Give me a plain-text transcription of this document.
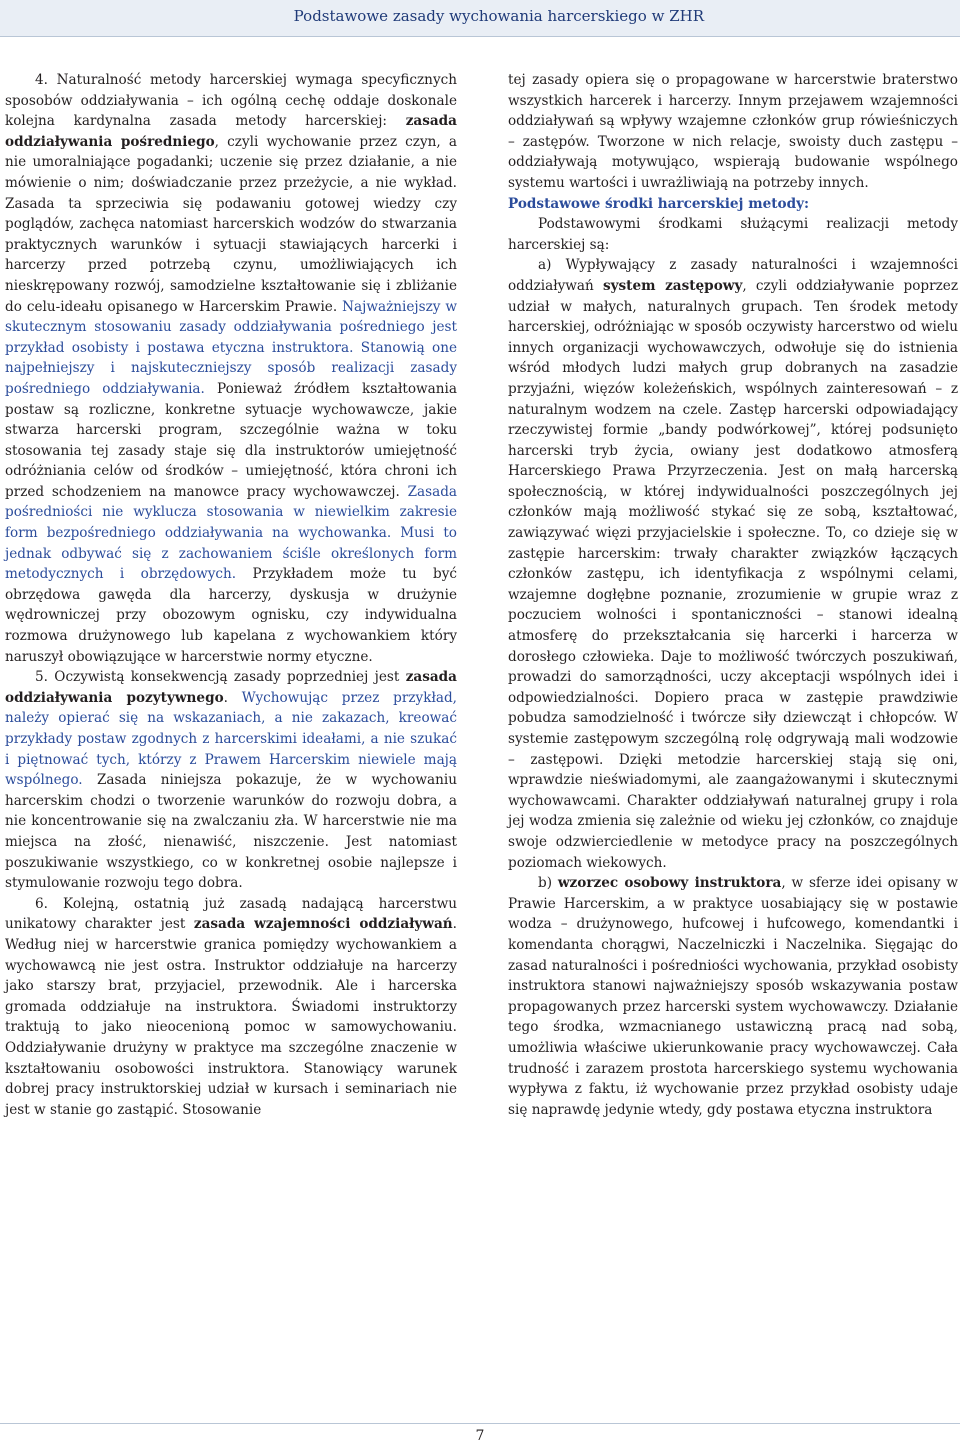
Podstawowe zasady wychowania harcerskiego w ZHR

4. Naturalność metody harcerskiej wymaga specyficznych sposobów oddziaływania – ich ogólną cechę oddaje doskonale kolejna kardynalna zasada metody harcerskiej: zasada oddziaływania pośredniego, czyli wychowanie przez czyn, a nie umoralniające pogadanki; uczenie się przez działanie, a nie mówienie o nim; doświadczanie przez przeżycie, a nie wykład. Zasada ta sprzeciwia się podawaniu gotowej wiedzy czy poglądów, zachęca natomiast harcerskich wodzów do stwarzania praktycznych warunków i sytuacji stawiających harcerki i harcerzy przed potrzebą czynu, umożliwiających ich nieskrępowany rozwój, samodzielne kształtowanie się i zbliżanie do celu-ideału opisanego w Harcerskim Prawie. Najważniejszy w skutecznym stosowaniu zasady oddziaływania pośredniego jest przykład osobisty i postawa etyczna instruktora. Stanowią one najpełniejszy i najskuteczniejszy sposób realizacji zasady pośredniego oddziaływania. Ponieważ źródłem kształtowania postaw są rozliczne, konkretne sytuacje wychowawcze, jakie stwarza harcerski program, szczególnie ważna w toku stosowania tej zasady staje się dla instruktorów umiejętność odróżniania celów od środków – umiejętność, która chroni ich przed schodzeniem na manowce pracy wychowawczej. Zasada pośredniości nie wyklucza stosowania w niewielkim zakresie form bezpośredniego oddziaływania na wychowanka. Musi to jednak odbywać się z zachowaniem ściśle określonych form metodycznych i obrzędowych. Przykładem może tu być obrzędowa gawęda dla harcerzy, dyskusja w drużynie wędrowniczej przy obozowym ognisku, czy indywidualna rozmowa drużynowego lub kapelana z wychowankiem który naruszył obowiązujące w harcerstwie normy etyczne.

5. Oczywistą konsekwencją zasady poprzedniej jest zasada oddziaływania pozytywnego. Wychowując przez przykład, należy opierać się na wskazaniach, a nie zakazach, kreować przykłady postaw zgodnych z harcerskimi ideałami, a nie szukać i piętnować tych, którzy z Prawem Harcerskim niewiele mają wspólnego. Zasada niniejsza pokazuje, że w wychowaniu harcerskim chodzi o tworzenie warunków do rozwoju dobra, a nie koncentrowanie się na zwalczaniu zła. W harcerstwie nie ma miejsca na złość, nienawiść, niszczenie. Jest natomiast poszukiwanie wszystkiego, co w konkretnej osobie najlepsze i stymulowanie rozwoju tego dobra.

6. Kolejną, ostatnią już zasadą nadającą harcerstwu unikatowy charakter jest zasada wzajemności oddziaływań. Według niej w harcerstwie granica pomiędzy wychowankiem a wychowawcą nie jest ostra. Instruktor oddziałuje na harcerzy jako starszy brat, przyjaciel, przewodnik. Ale i harcerska gromada oddziałuje na instruktora. Świadomi instruktorzy traktują to jako nieocenioną pomoc w samowychowaniu. Oddziaływanie drużyny w praktyce ma szczególne znaczenie w kształtowaniu osobowości instruktora. Stanowiący warunek dobrej pracy instruktorskiej udział w kursach i seminariach nie jest w stanie go zastąpić. Stosowanie

tej zasady opiera się o propagowane w harcerstwie braterstwo wszystkich harcerek i harcerzy. Innym przejawem wzajemności oddziaływań są wpływy wzajemne członków grup rówieśniczych – zastępów. Tworzone w nich relacje, swoisty duch zastępu – oddziaływają motywująco, wspierają budowanie wspólnego systemu wartości i uwrażliwiają na potrzeby innych.

Podstawowe środki harcerskiej metody:

Podstawowymi środkami służącymi realizacji metody harcerskiej są:

a) Wypływający z zasady naturalności i wzajemności oddziaływań system zastępowy, czyli oddziaływanie poprzez udział w małych, naturalnych grupach. Ten środek metody harcerskiej, odróżniając w sposób oczywisty harcerstwo od wielu innych organizacji wychowawczych, odwołuje się do istnienia wśród młodych ludzi małych grup dobranych na zasadzie przyjaźni, więzów koleżeńskich, wspólnych zainteresowań – z naturalnym wodzem na czele. Zastęp harcerski odpowiadający rzeczywistej formie „bandy podwórkowej”, której podsunięto harcerski tryb życia, owiany jest dodatkowo atmosferą Harcerskiego Prawa Przyrzeczenia. Jest on małą harcerską społecznością, w której indywidualności poszczególnych jej członków mają możliwość stykać się ze sobą, kształtować, zawiązywać więzi przyjacielskie i społeczne. To, co dzieje się w zastępie harcerskim: trwały charakter związków łączących członków zastępu, ich identyfikacja z wspólnymi celami, wzajemne dogłębne poznanie, zrozumienie w grupie wraz z poczuciem wolności i spontaniczności – stanowi idealną atmosferę do przekształcania się harcerki i harcerza w dorosłego człowieka. Daje to możliwość twórczych poszukiwań, prowadzi do samorządności, uczy akceptacji wspólnych idei i odpowiedzialności. Dopiero praca w zastępie prawdziwie pobudza samodzielność i twórcze siły dziewcząt i chłopców. W systemie zastępowym szczególną rolę odgrywają mali wodzowie – zastępowi. Dzięki metodzie harcerskiej stają się oni, wprawdzie nieświadomymi, ale zaangażowanymi i skutecznymi wychowawcami. Charakter oddziaływań naturalnej grupy i rola jej wodza zmienia się zależnie od wieku jej członków, co znajduje swoje odzwierciedlenie w metodyce pracy na poszczególnych poziomach wiekowych.

b) wzorzec osobowy instruktora, w sferze idei opisany w Prawie Harcerskim, a w praktyce uosabiający się w postawie wodza – drużynowego, hufcowej i hufcowego, komendantki i komendanta chorągwi, Naczelniczki i Naczelnika. Sięgając do zasad naturalności i pośredniości wychowania, przykład osobisty instruktora stanowi najważniejszy sposób wskazywania postaw propagowanych przez harcerski system wychowawczy. Działanie tego środka, wzmacnianego ustawiczną pracą nad sobą, umożliwia właściwe ukierunkowanie pracy wychowawczej. Cała trudność i zarazem prostota harcerskiego systemu wychowania wypływa z faktu, iż wychowanie przez przykład osobisty udaje się naprawdę jedynie wtedy, gdy postawa etyczna instruktora

7
